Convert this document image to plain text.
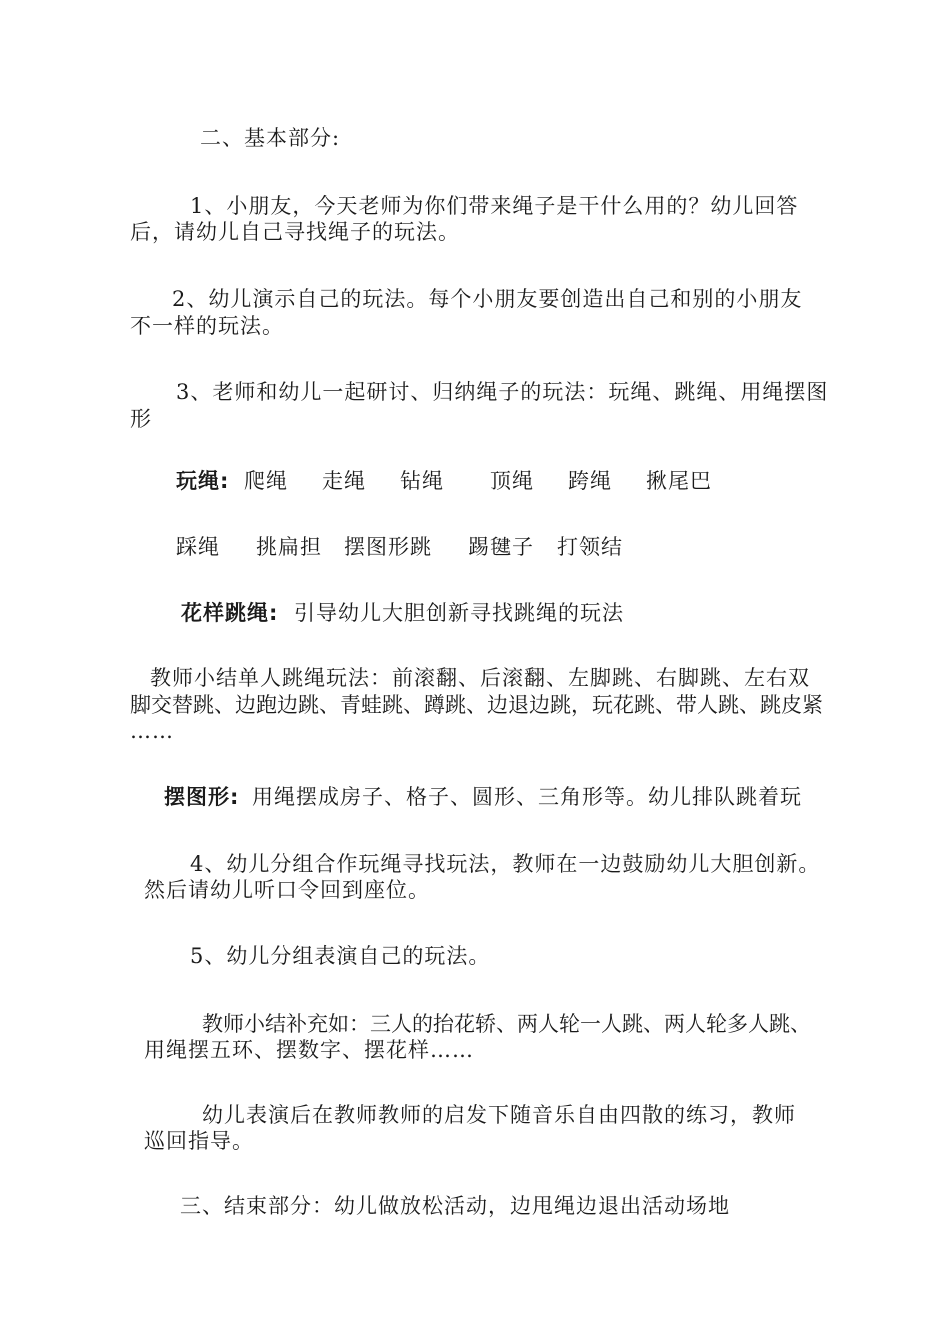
二、基本部分:
1、小朋友，今天老师为你们带来绳子是干什么用的？幼儿回答
后，请幼儿自己寻找绳子的玩法。
2、幼儿演示自己的玩法。每个小朋友要创造出自己和别的小朋友
不一样的玩法。
3、老师和幼儿一起研讨、归纳绳子的玩法：玩绳、跳绳、用绳摆图
形
玩绳: 爬绳 走绳 钻绳 顶绳 跨绳 揪尾巴
踩绳 挑扁担 摆图形跳 踢毽子 打领结
花样跳绳: 引导幼儿大胆创新寻找跳绳的玩法
教师小结单人跳绳玩法：前滚翻、后滚翻、左脚跳、右脚跳、左右双
脚交替跳、边跑边跳、青蛙跳、蹲跳、边退边跳，玩花跳、带人跳、跳皮紧
……
摆图形: 用绳摆成房子、格子、圆形、三角形等。幼儿排队跳着玩
4、幼儿分组合作玩绳寻找玩法，教师在一边鼓励幼儿大胆创新。
然后请幼儿听口令回到座位。
5、幼儿分组表演自己的玩法。
教师小结补充如：三人的抬花轿、两人轮一人跳、两人轮多人跳、
用绳摆五环、摆数字、摆花样……
幼儿表演后在教师教师的启发下随音乐自由四散的练习，教师
巡回指导。
三、结束部分：幼儿做放松活动，边甩绳边退出活动场地
